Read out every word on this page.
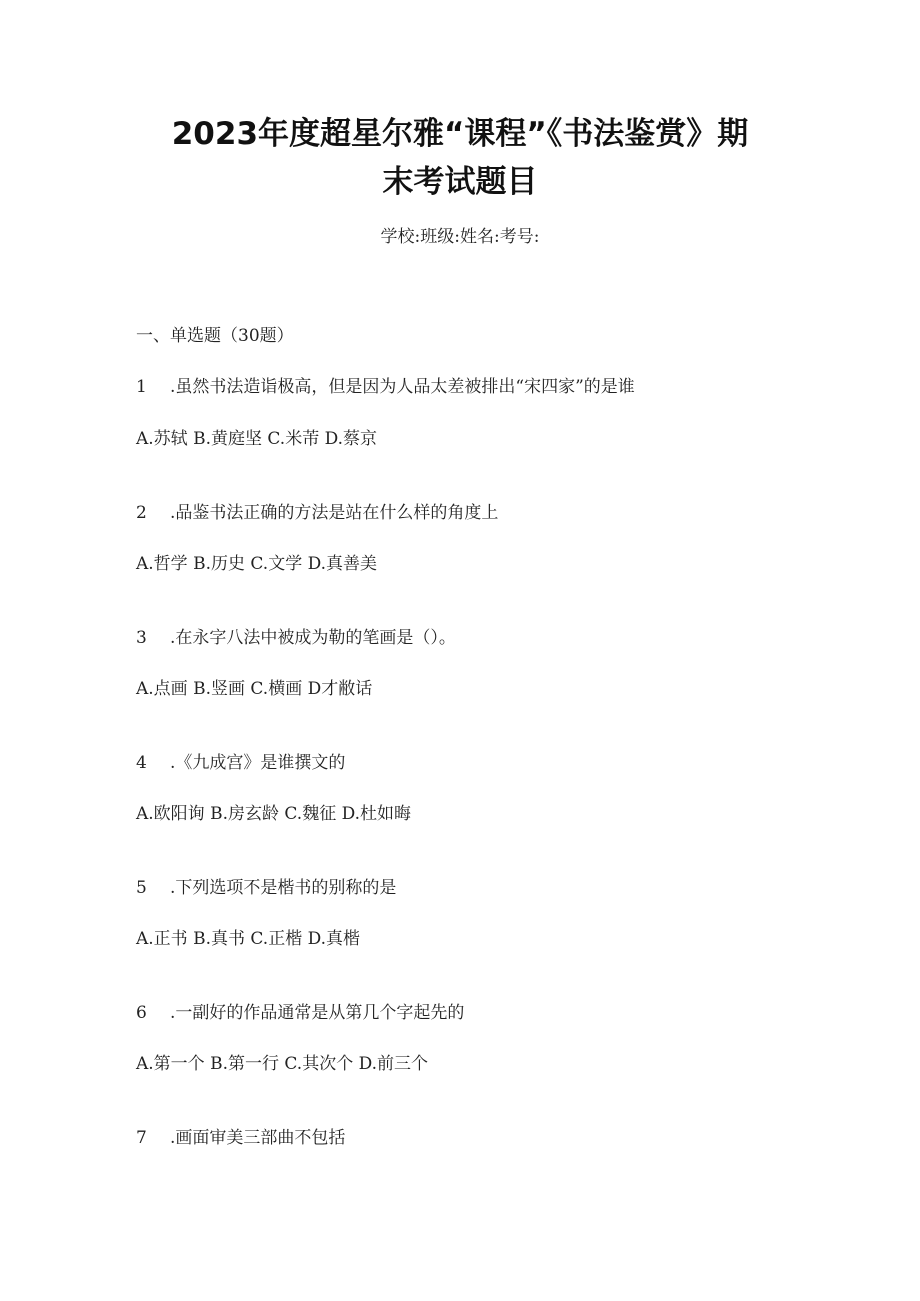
2023年度超星尔雅“课程”《书法鉴赏》期
末考试题目
学校:班级:姓名:考号:
一、单选题（30题）
1 .虽然书法造诣极高，但是因为人品太差被排出“宋四家”的是谁
A.苏轼 B.黄庭坚 C.米芾 D.蔡京
2 .品鉴书法正确的方法是站在什么样的角度上
A.哲学 B.历史 C.文学 D.真善美
3 .在永字八法中被成为勒的笔画是（）。
A.点画 B.竖画 C.横画 D才敝话
4 .《九成宫》是谁撰文的
A.欧阳询 B.房玄龄 C.魏征 D.杜如晦
5 .下列选项不是楷书的别称的是
A.正书 B.真书 C.正楷 D.真楷
6 .一副好的作品通常是从第几个字起先的
A.第一个 B.第一行 C.其次个 D.前三个
7 .画面审美三部曲不包括
